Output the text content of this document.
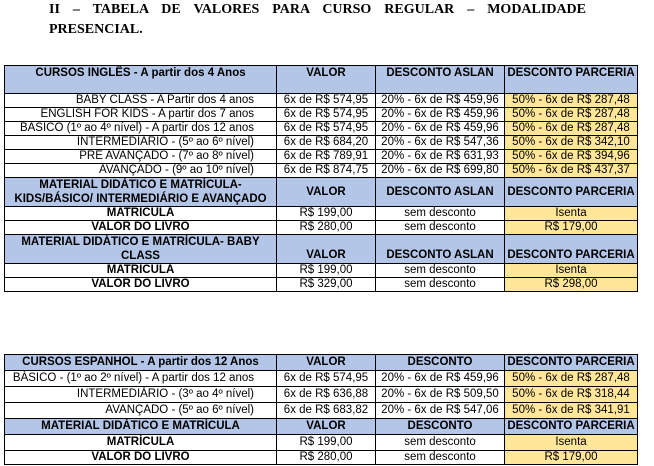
II – TABELA DE VALORES PARA CURSO REGULAR – MODALIDADE
PRESENCIAL.
CURSOS INGLÊS - A partir dos 4 Anos	VALOR	DESCONTO ASLAN	DESCONTO PARCERIA
BABY CLASS - A Partir dos 4 anos	6x de R$ 574,95	20% - 6x de R$ 459,96	50% - 6x de R$ 287,48
ENGLISH FOR KIDS - A partir dos 7 anos	6x de R$ 574,95	20% - 6x de R$ 459,96	50% - 6x de R$ 287,48
BÁSICO (1º ao 4º nível) - A partir dos 12 anos	6x de R$ 574,95	20% - 6x de R$ 459,96	50% - 6x de R$ 287,48
INTERMEDIÁRIO - (5º ao 6º nível)	6x de R$ 684,20	20% - 6x de R$ 547,36	50% - 6x de R$ 342,10
PRÉ AVANÇADO - (7º ao 8º nível)	6x de R$ 789,91	20% - 6x de R$ 631,93	50% - 6x de R$ 394,96
AVANÇADO - (9º ao 10º nível)	6x de R$ 874,75	20% - 6x de R$ 699,80	50% - 6x de R$ 437,37

MATERIAL DIDÁTICO E MATRÍCULA-
KIDS/BÁSICO/ INTERMEDIÁRIO E AVANÇADO	VALOR	DESCONTO ASLAN	DESCONTO PARCERIA
MATRÍCULA	R$ 199,00	sem desconto	Isenta
VALOR DO LIVRO	R$ 280,00	sem desconto	R$ 179,00

MATERIAL DIDÁTICO E MATRÍCULA- BABY
CLASS	VALOR	DESCONTO ASLAN	DESCONTO PARCERIA
MATRÍCULA	R$ 199,00	sem desconto	Isenta
VALOR DO LIVRO	R$ 329,00	sem desconto	R$ 298,00
CURSOS ESPANHOL - A partir dos 12 Anos	VALOR	DESCONTO	DESCONTO PARCERIA
BÁSICO - (1º ao 2º nível) - A partir dos 12 anos	6x de R$ 574,95	20% - 6x de R$ 459,96	50% - 6x de R$ 287,48
INTERMEDIÁRIO - (3º ao 4º nível)	6x de R$ 636,88	20% - 6x de R$ 509,50	50% - 6x de R$ 318,44
AVANÇADO - (5º ao 6º nível)	6x de R$ 683,82	20% - 6x de R$ 547,06	50% - 6x de R$ 341,91
MATERIAL DIDÁTICO E MATRÍCULA	VALOR	DESCONTO	DESCONTO PARCERIA
MATRÍCULA	R$ 199,00	sem desconto	Isenta
VALOR DO LIVRO	R$ 280,00	sem desconto	R$ 179,00
